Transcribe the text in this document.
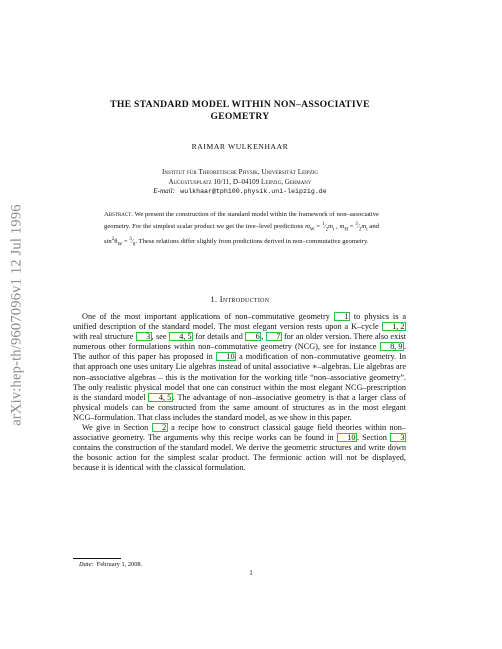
arXiv:hep-th/9607096v1 12 Jul 1996
THE STANDARD MODEL WITHIN NON–ASSOCIATIVE
GEOMETRY
RAIMAR WULKENHAAR
Institut für Theoretische Physik, Universität Leipzig
Augustusplatz 10/11, D–04109 Leipzig, Germany
E-mail: wulkhaar@tph100.physik.uni-leipzig.de
Abstract. We present the construction of the standard model within the framework of non–associative geometry. For the simplest scalar product we get the tree–level predictions $m_W$ = $^1⁄_2m_t$ , $m_H$ = $^3⁄_2m_t$ and $\sin^2\theta_W$ = $^3⁄_8$. These relations differ slightly from predictions derived in non–commutative geometry.
1. Introduction

One of the most important applications of non–commutative geometry 1 to physics is a unified description of the standard model. The most elegant version rests upon a K–cycle 1, 2 with real structure 3 , see 4, 5 for details and 6 , 7 for an older version. There also exist numerous other formulations within non–commutative geometry (NCG), see for instance 8, 9 . The author of this paper has proposed in 10 a modification of non–commutative geometry. In that approach one uses unitary Lie algebras instead of unital associative ∗–algebras. Lie algebras are non–associative algebras – this is the motivation for the working title “non–associative geometry”. The only realistic physical model that one can construct within the most elegant NCG–prescription is the standard model 4, 5 . The advantage of non–associative geometry is that a larger class of physical models can be constructed from the same amount of structures as in the most elegant NCG–formulation. That class includes the standard model, as we show in this paper.

We give in Section 2 a recipe how to construct classical gauge field theories within non–associative geometry. The arguments why this recipe works can be found in 10 . Section 3 contains the construction of the standard model. We derive the geometric structures and write down the bosonic action for the simplest scalar product. The fermionic action will not be displayed, because it is identical with the classical formulation.

Date: February 1, 2008.
1
